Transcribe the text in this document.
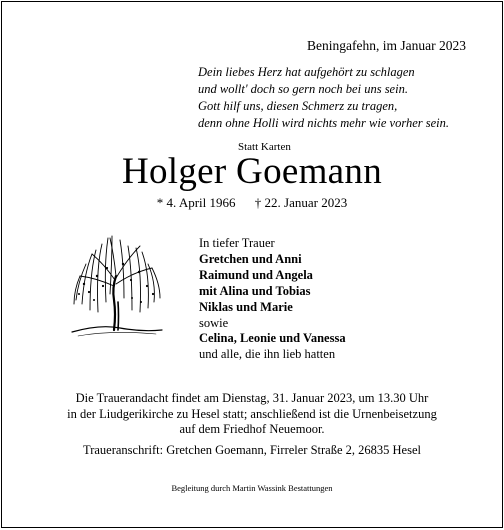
Beningafehn, im Januar 2023
Dein liebes Herz hat aufgehört zu schlagen
und wollt' doch so gern noch bei uns sein.
Gott hilf uns, diesen Schmerz zu tragen,
denn ohne Holli wird nichts mehr wie vorher sein.
Statt Karten
Holger Goemann
* 4. April 1966 † 22. Januar 2023
In tiefer Trauer
Gretchen und Anni
Raimund und Angela
mit Alina und Tobias
Niklas und Marie
sowie
Celina, Leonie und Vanessa
und alle, die ihn lieb hatten
Die Trauerandacht findet am Dienstag, 31. Januar 2023, um 13.30 Uhr
in der Liudgerikirche zu Hesel statt; anschließend ist die Urnenbeisetzung
auf dem Friedhof Neuemoor.
Traueranschrift: Gretchen Goemann, Firreler Straße 2, 26835 Hesel
Begleitung durch Martin Wassink Bestattungen
